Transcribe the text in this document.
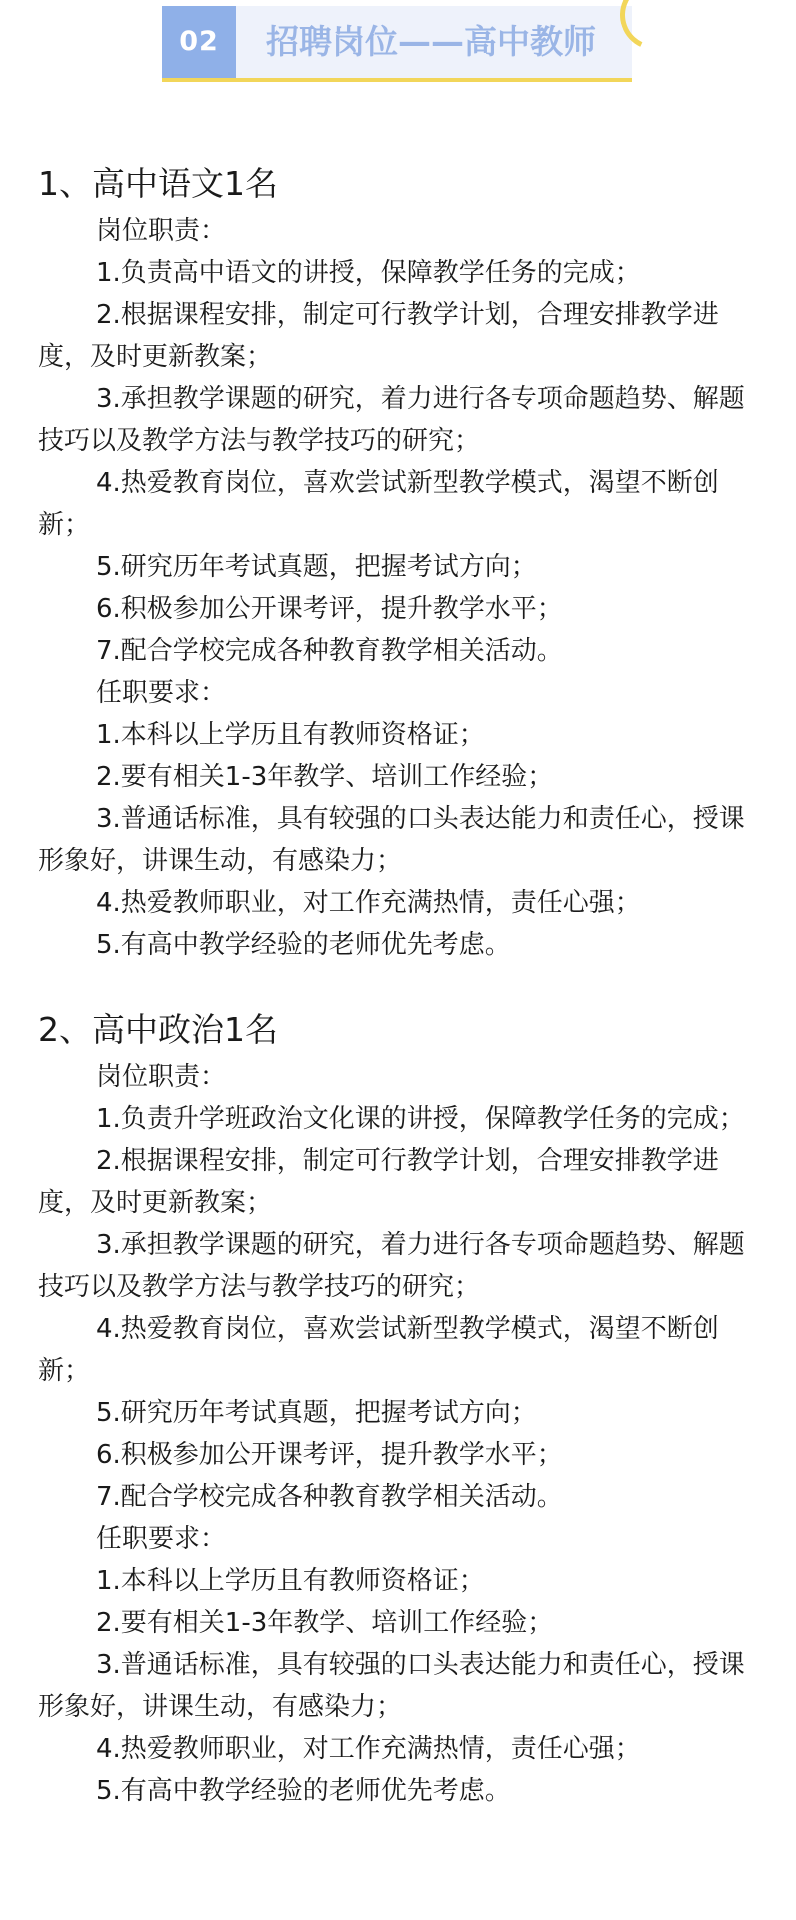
02	招聘岗位——高中教师
1、高中语文1名

岗位职责：

1.负责高中语文的讲授，保障教学任务的完成；

2.根据课程安排，制定可行教学计划，合理安排教学进度，及时更新教案；

3.承担教学课题的研究，着力进行各专项命题趋势、解题技巧以及教学方法与教学技巧的研究；

4.热爱教育岗位，喜欢尝试新型教学模式，渴望不断创新；

5.研究历年考试真题，把握考试方向；

6.积极参加公开课考评，提升教学水平；

7.配合学校完成各种教育教学相关活动。

任职要求：

1.本科以上学历且有教师资格证；

2.要有相关1-3年教学、培训工作经验；

3.普通话标准，具有较强的口头表达能力和责任心，授课形象好，讲课生动，有感染力；

4.热爱教师职业，对工作充满热情，责任心强；

5.有高中教学经验的老师优先考虑。

2、高中政治1名

岗位职责：

1.负责升学班政治文化课的讲授，保障教学任务的完成；

2.根据课程安排，制定可行教学计划，合理安排教学进度，及时更新教案；

3.承担教学课题的研究，着力进行各专项命题趋势、解题技巧以及教学方法与教学技巧的研究；

4.热爱教育岗位，喜欢尝试新型教学模式，渴望不断创新；

5.研究历年考试真题，把握考试方向；

6.积极参加公开课考评，提升教学水平；

7.配合学校完成各种教育教学相关活动。

任职要求：

1.本科以上学历且有教师资格证；

2.要有相关1-3年教学、培训工作经验；

3.普通话标准，具有较强的口头表达能力和责任心，授课形象好，讲课生动，有感染力；

4.热爱教师职业，对工作充满热情，责任心强；

5.有高中教学经验的老师优先考虑。
